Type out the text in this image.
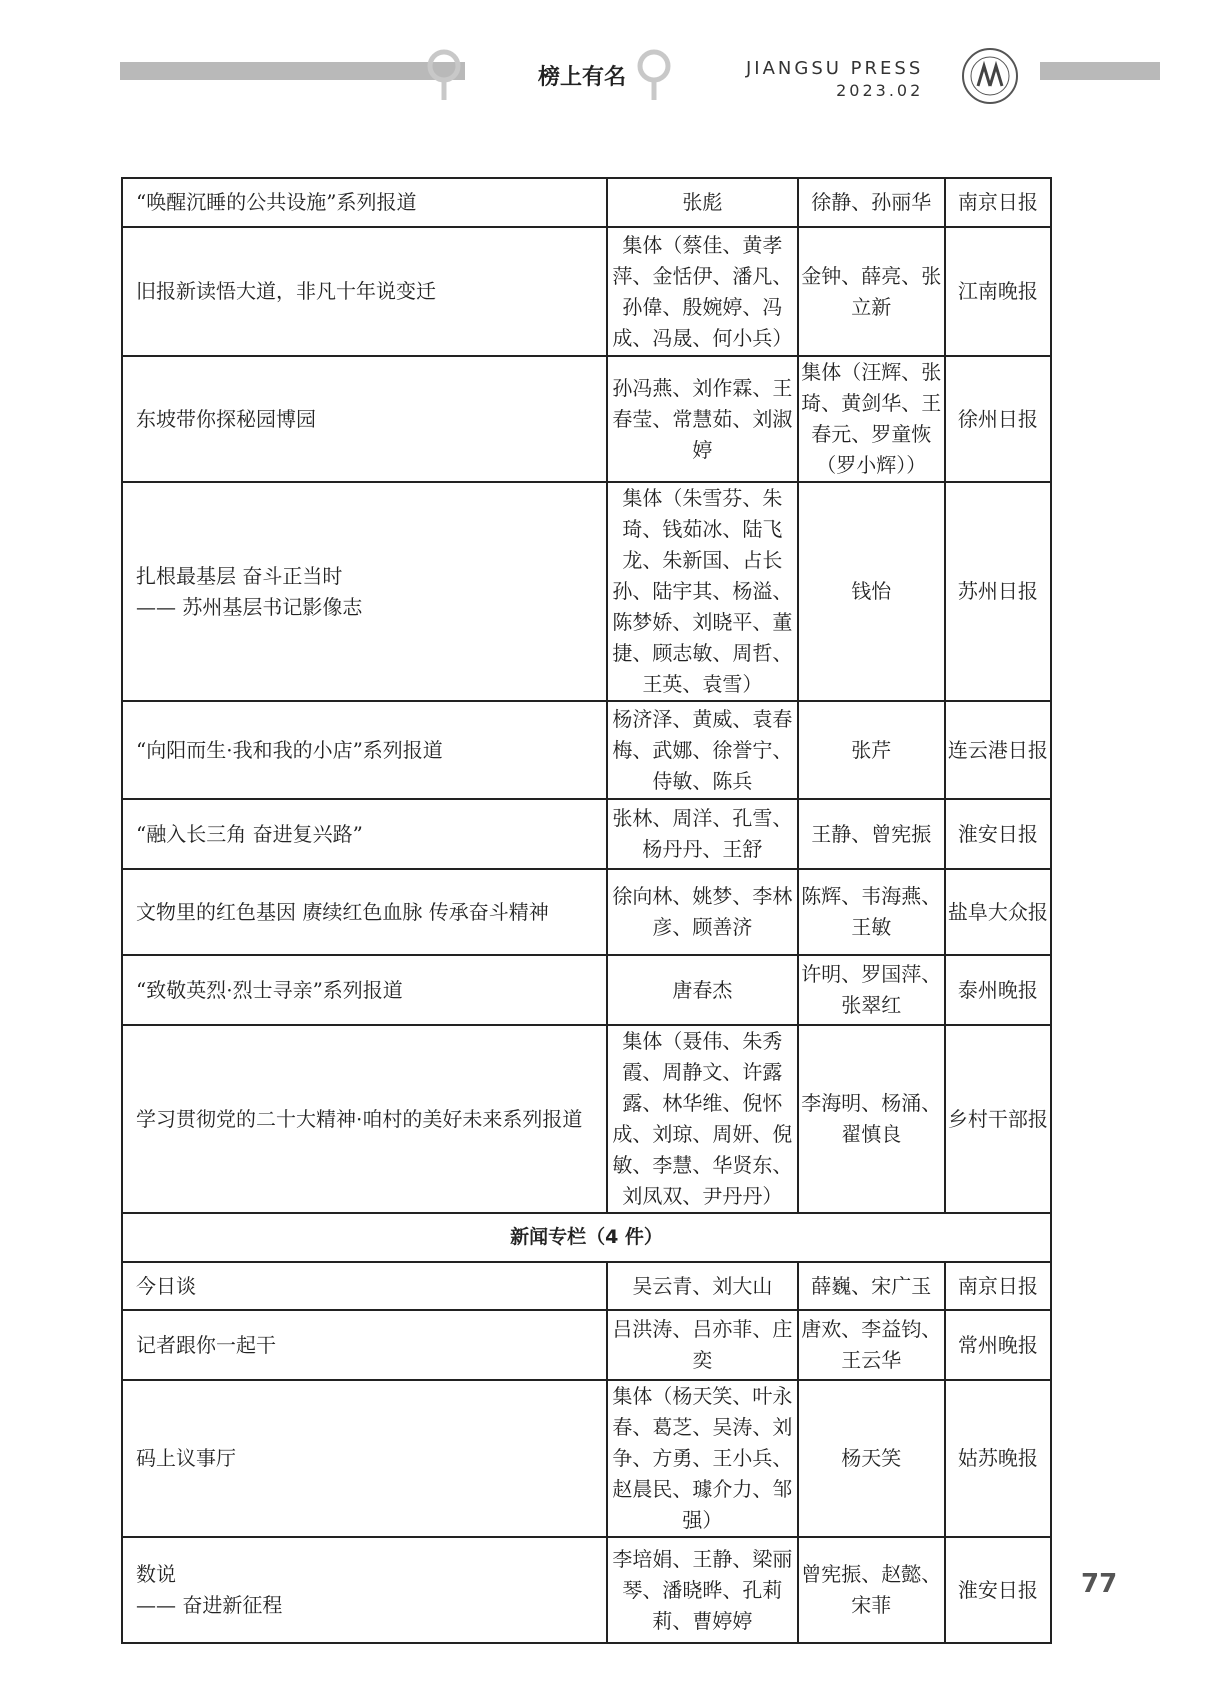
榜上有名	JIANGSU PRESS
2023.02
“唤醒沉睡的公共设施”系列报道	张彪	徐静、孙丽华	南京日报
旧报新读悟大道，非凡十年说变迁	集体（蔡佳、黄孝萍、金恬伊、潘凡、孙偉、殷婉婷、冯成、冯晟、何小兵）	金钟、薛亮、张立新	江南晚报
东坡带你探秘园博园	孙冯燕、刘作霖、王春莹、常慧茹、刘淑婷	集体（汪辉、张琦、黄剑华、王春元、罗童恢（罗小辉））	徐州日报

扎根最基层 奋斗正当时
—— 苏州基层书记影像志	集体（朱雪芬、朱琦、钱茹冰、陆飞龙、朱新国、占长孙、陆宇其、杨溢、陈梦娇、刘晓平、董捷、顾志敏、周哲、王英、袁雪）	钱怡	苏州日报
“向阳而生·我和我的小店”系列报道	杨济泽、黄威、袁春梅、武娜、徐誉宁、侍敏、陈兵	张芹	连云港日报
“融入长三角 奋进复兴路”	张林、周洋、孔雪、杨丹丹、王舒	王静、曾宪振	淮安日报
文物里的红色基因 赓续红色血脉 传承奋斗精神	徐向林、姚梦、李林彦、顾善济	陈辉、韦海燕、王敏	盐阜大众报
“致敬英烈·烈士寻亲”系列报道	唐春杰	许明、罗国萍、张翠红	泰州晚报
学习贯彻党的二十大精神·咱村的美好未来系列报道	集体（聂伟、朱秀霞、周静文、许露露、林华维、倪怀成、刘琼、周妍、倪敏、李慧、华贤东、刘凤双、尹丹丹）	李海明、杨涌、翟慎良	乡村干部报
新闻专栏（4 件）			
今日谈	吴云青、刘大山	薛巍、宋广玉	南京日报
记者跟你一起干	吕洪涛、吕亦菲、庄奕	唐欢、李益钧、王云华	常州晚报
码上议事厅	集体（杨天笑、叶永春、葛芝、吴涛、刘争、方勇、王小兵、赵晨民、璩介力、邹强）	杨天笑	姑苏晚报

数说
—— 奋进新征程	李培娟、王静、梁丽琴、潘晓晔、孔莉莉、曹婷婷	曾宪振、赵懿、宋菲	淮安日报 77
